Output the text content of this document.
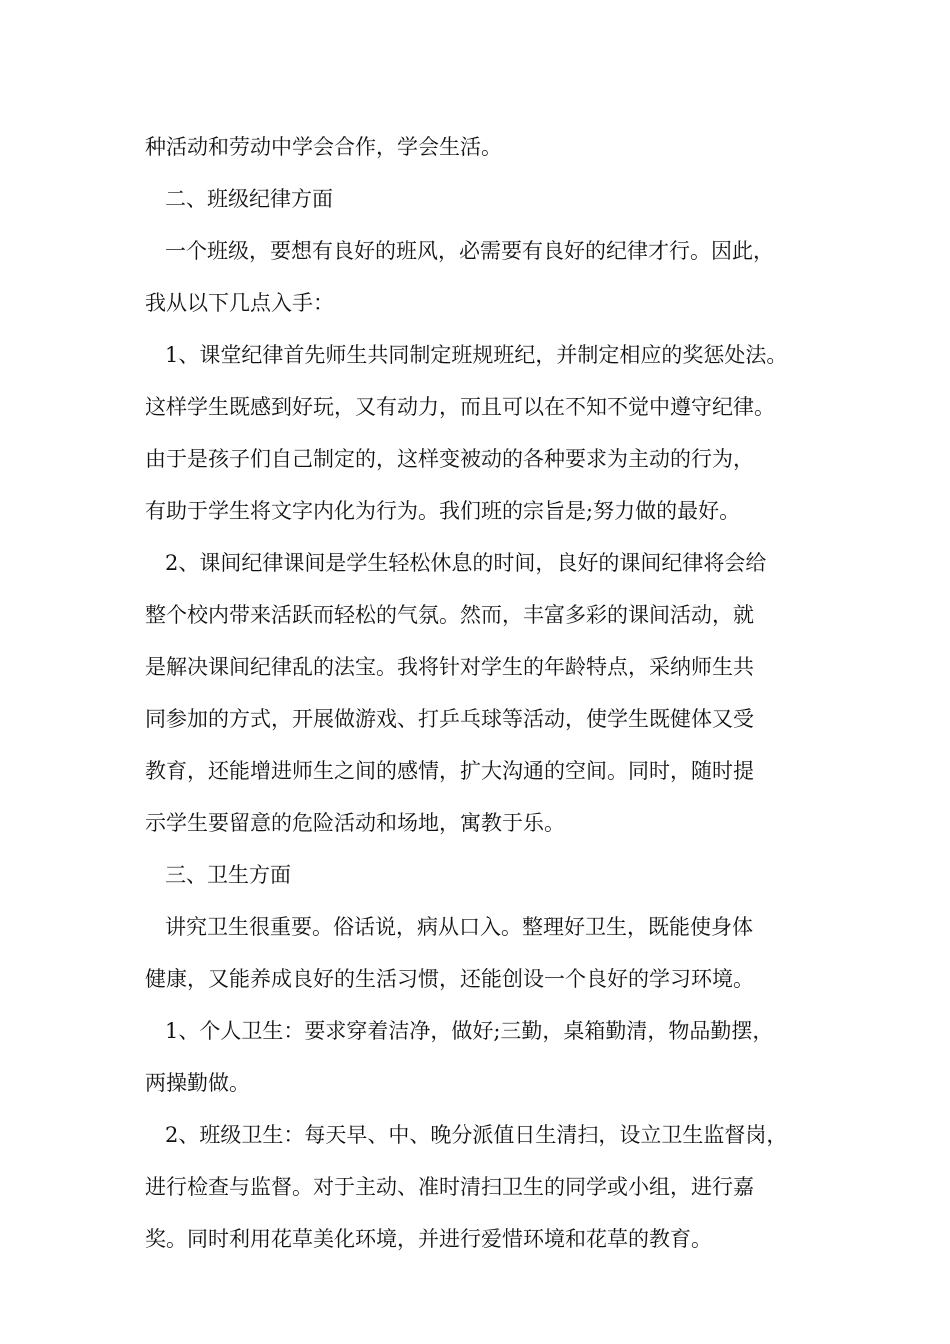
种活动和劳动中学会合作，学会生活。
二、班级纪律方面
一个班级，要想有良好的班风，必需要有良好的纪律才行。因此，
我从以下几点入手：
1、课堂纪律首先师生共同制定班规班纪，并制定相应的奖惩处法。
这样学生既感到好玩，又有动力，而且可以在不知不觉中遵守纪律。
由于是孩子们自己制定的，这样变被动的各种要求为主动的行为，
有助于学生将文字内化为行为。我们班的宗旨是;努力做的最好。
2、课间纪律课间是学生轻松休息的时间，良好的课间纪律将会给
整个校内带来活跃而轻松的气氛。然而，丰富多彩的课间活动，就
是解决课间纪律乱的法宝。我将针对学生的年龄特点，采纳师生共
同参加的方式，开展做游戏、打乒乓球等活动，使学生既健体又受
教育，还能增进师生之间的感情，扩大沟通的空间。同时，随时提
示学生要留意的危险活动和场地，寓教于乐。
三、卫生方面
讲究卫生很重要。俗话说，病从口入。整理好卫生，既能使身体
健康，又能养成良好的生活习惯，还能创设一个良好的学习环境。
1、个人卫生：要求穿着洁净，做好;三勤，桌箱勤清，物品勤摆，
两操勤做。
2、班级卫生：每天早、中、晚分派值日生清扫，设立卫生监督岗，
进行检查与监督。对于主动、准时清扫卫生的同学或小组，进行嘉
奖。同时利用花草美化环境，并进行爱惜环境和花草的教育。
